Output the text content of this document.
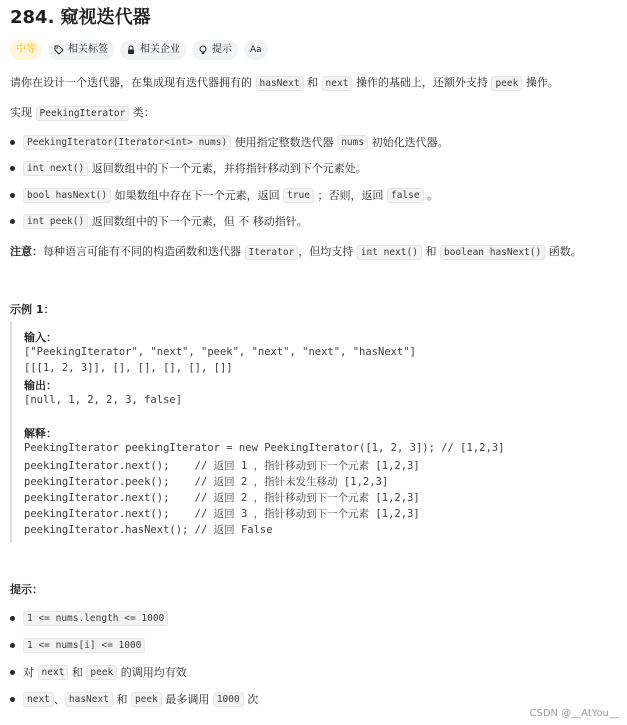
284. 窥视迭代器
中等	相关标签	相关企业	提示 Aa
请你在设计一个迭代器，在集成现有迭代器拥有的 hasNext 和 next 操作的基础上，还额外支持 peek 操作。
实现 PeekingIterator 类：
PeekingIterator(Iterator<int> nums)
使用指定整数迭代器
nums
初始化迭代器。
int next()
返回数组中的下一个元素，并将指针移动到下个元素处。
bool hasNext()
如果数组中存在下一个元素，返回
true
；否则，返回
false
。
int peek()
返回数组中的下一个元素，但 不 移动指针。
注意：每种语言可能有不同的构造函数和迭代器 Iterator ，但均支持 int next() 和 boolean hasNext() 函数。
示例 1：
输入：
["PeekingIterator", "next", "peek", "next", "next", "hasNext"]
[[[1, 2, 3]], [], [], [], [], []]
输出：
[null, 1, 2, 2, 3, false]
解释：
PeekingIterator peekingIterator = new PeekingIterator([1, 2, 3]); // [1,2,3]
peekingIterator.next();    // 返回 1 ，指针移动到下一个元素 [1,2,3]
peekingIterator.peek();    // 返回 2 ，指针未发生移动 [1,2,3]
peekingIterator.next();    // 返回 2 ，指针移动到下一个元素 [1,2,3]
peekingIterator.next();    // 返回 3 ，指针移动到下一个元素 [1,2,3]
peekingIterator.hasNext(); // 返回 False
提示：
1 <= nums.length <= 1000
1 <= nums[i] <= 1000
对
next
和
peek
的调用均有效
next 、 hasNext
和
peek
最多调用
1000
次
CSDN @__AtYou__
